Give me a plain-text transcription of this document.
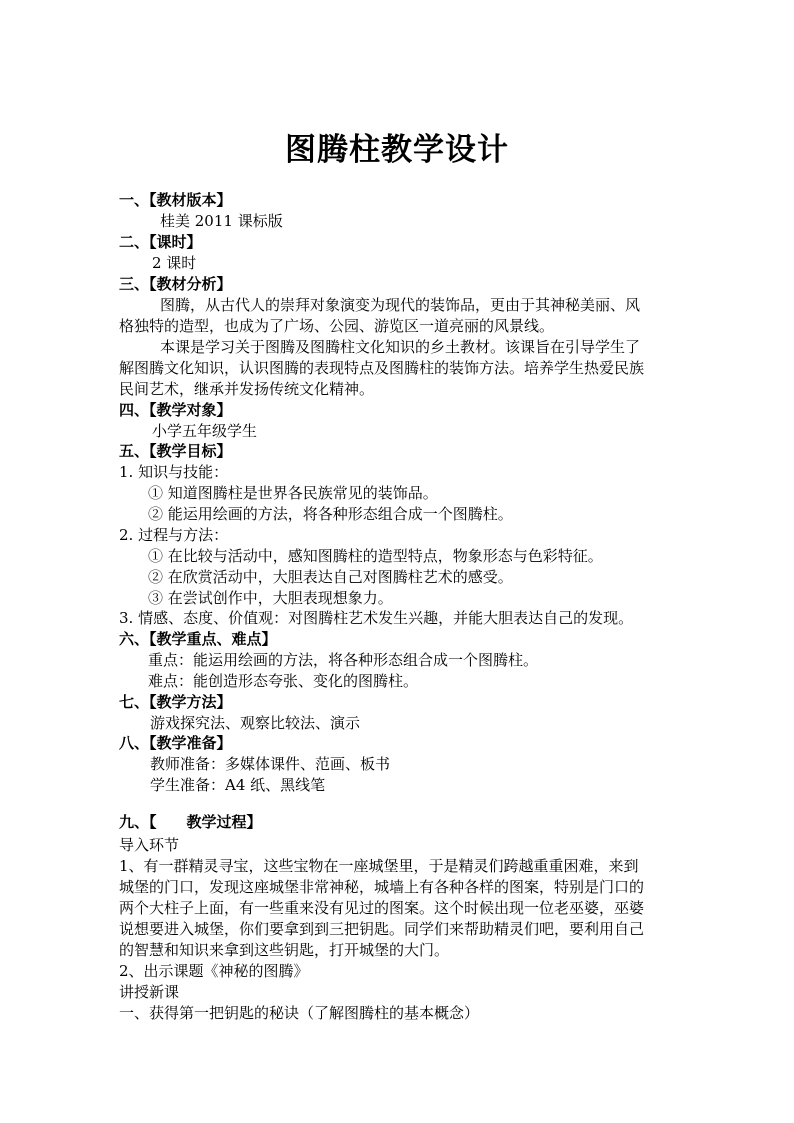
图腾柱教学设计
一、【教材版本】
桂美 2011 课标版
二、【课时】
2 课时
三、【教材分析】
图腾，从古代人的崇拜对象演变为现代的装饰品，更由于其神秘美丽、风
格独特的造型，也成为了广场、公园、游览区一道亮丽的风景线。
本课是学习关于图腾及图腾柱文化知识的乡土教材。该课旨在引导学生了
解图腾文化知识，认识图腾的表现特点及图腾柱的装饰方法。培养学生热爱民族
民间艺术，继承并发扬传统文化精神。
四、【教学对象】
小学五年级学生
五、【教学目标】
1. 知识与技能：
① 知道图腾柱是世界各民族常见的装饰品。
② 能运用绘画的方法，将各种形态组合成一个图腾柱。
2. 过程与方法：
① 在比较与活动中，感知图腾柱的造型特点，物象形态与色彩特征。
② 在欣赏活动中，大胆表达自己对图腾柱艺术的感受。
③ 在尝试创作中，大胆表现想象力。
3. 情感、态度、价值观：对图腾柱艺术发生兴趣，并能大胆表达自己的发现。
六、【教学重点、难点】
重点：能运用绘画的方法，将各种形态组合成一个图腾柱。
难点：能创造形态夸张、变化的图腾柱。
七、【教学方法】
游戏探究法、观察比较法、演示
八、【教学准备】
教师准备：多媒体课件、范画、板书
学生准备：A4 纸、黑线笔
九、【 教学过程】
导入环节
1、有一群精灵寻宝，这些宝物在一座城堡里，于是精灵们跨越重重困难，来到
城堡的门口，发现这座城堡非常神秘，城墙上有各种各样的图案，特别是门口的
两个大柱子上面，有一些重来没有见过的图案。这个时候出现一位老巫婆，巫婆
说想要进入城堡，你们要拿到到三把钥匙。同学们来帮助精灵们吧，要利用自己
的智慧和知识来拿到这些钥匙，打开城堡的大门。
2、出示课题《神秘的图腾》
讲授新课
一、获得第一把钥匙的秘诀（了解图腾柱的基本概念）
